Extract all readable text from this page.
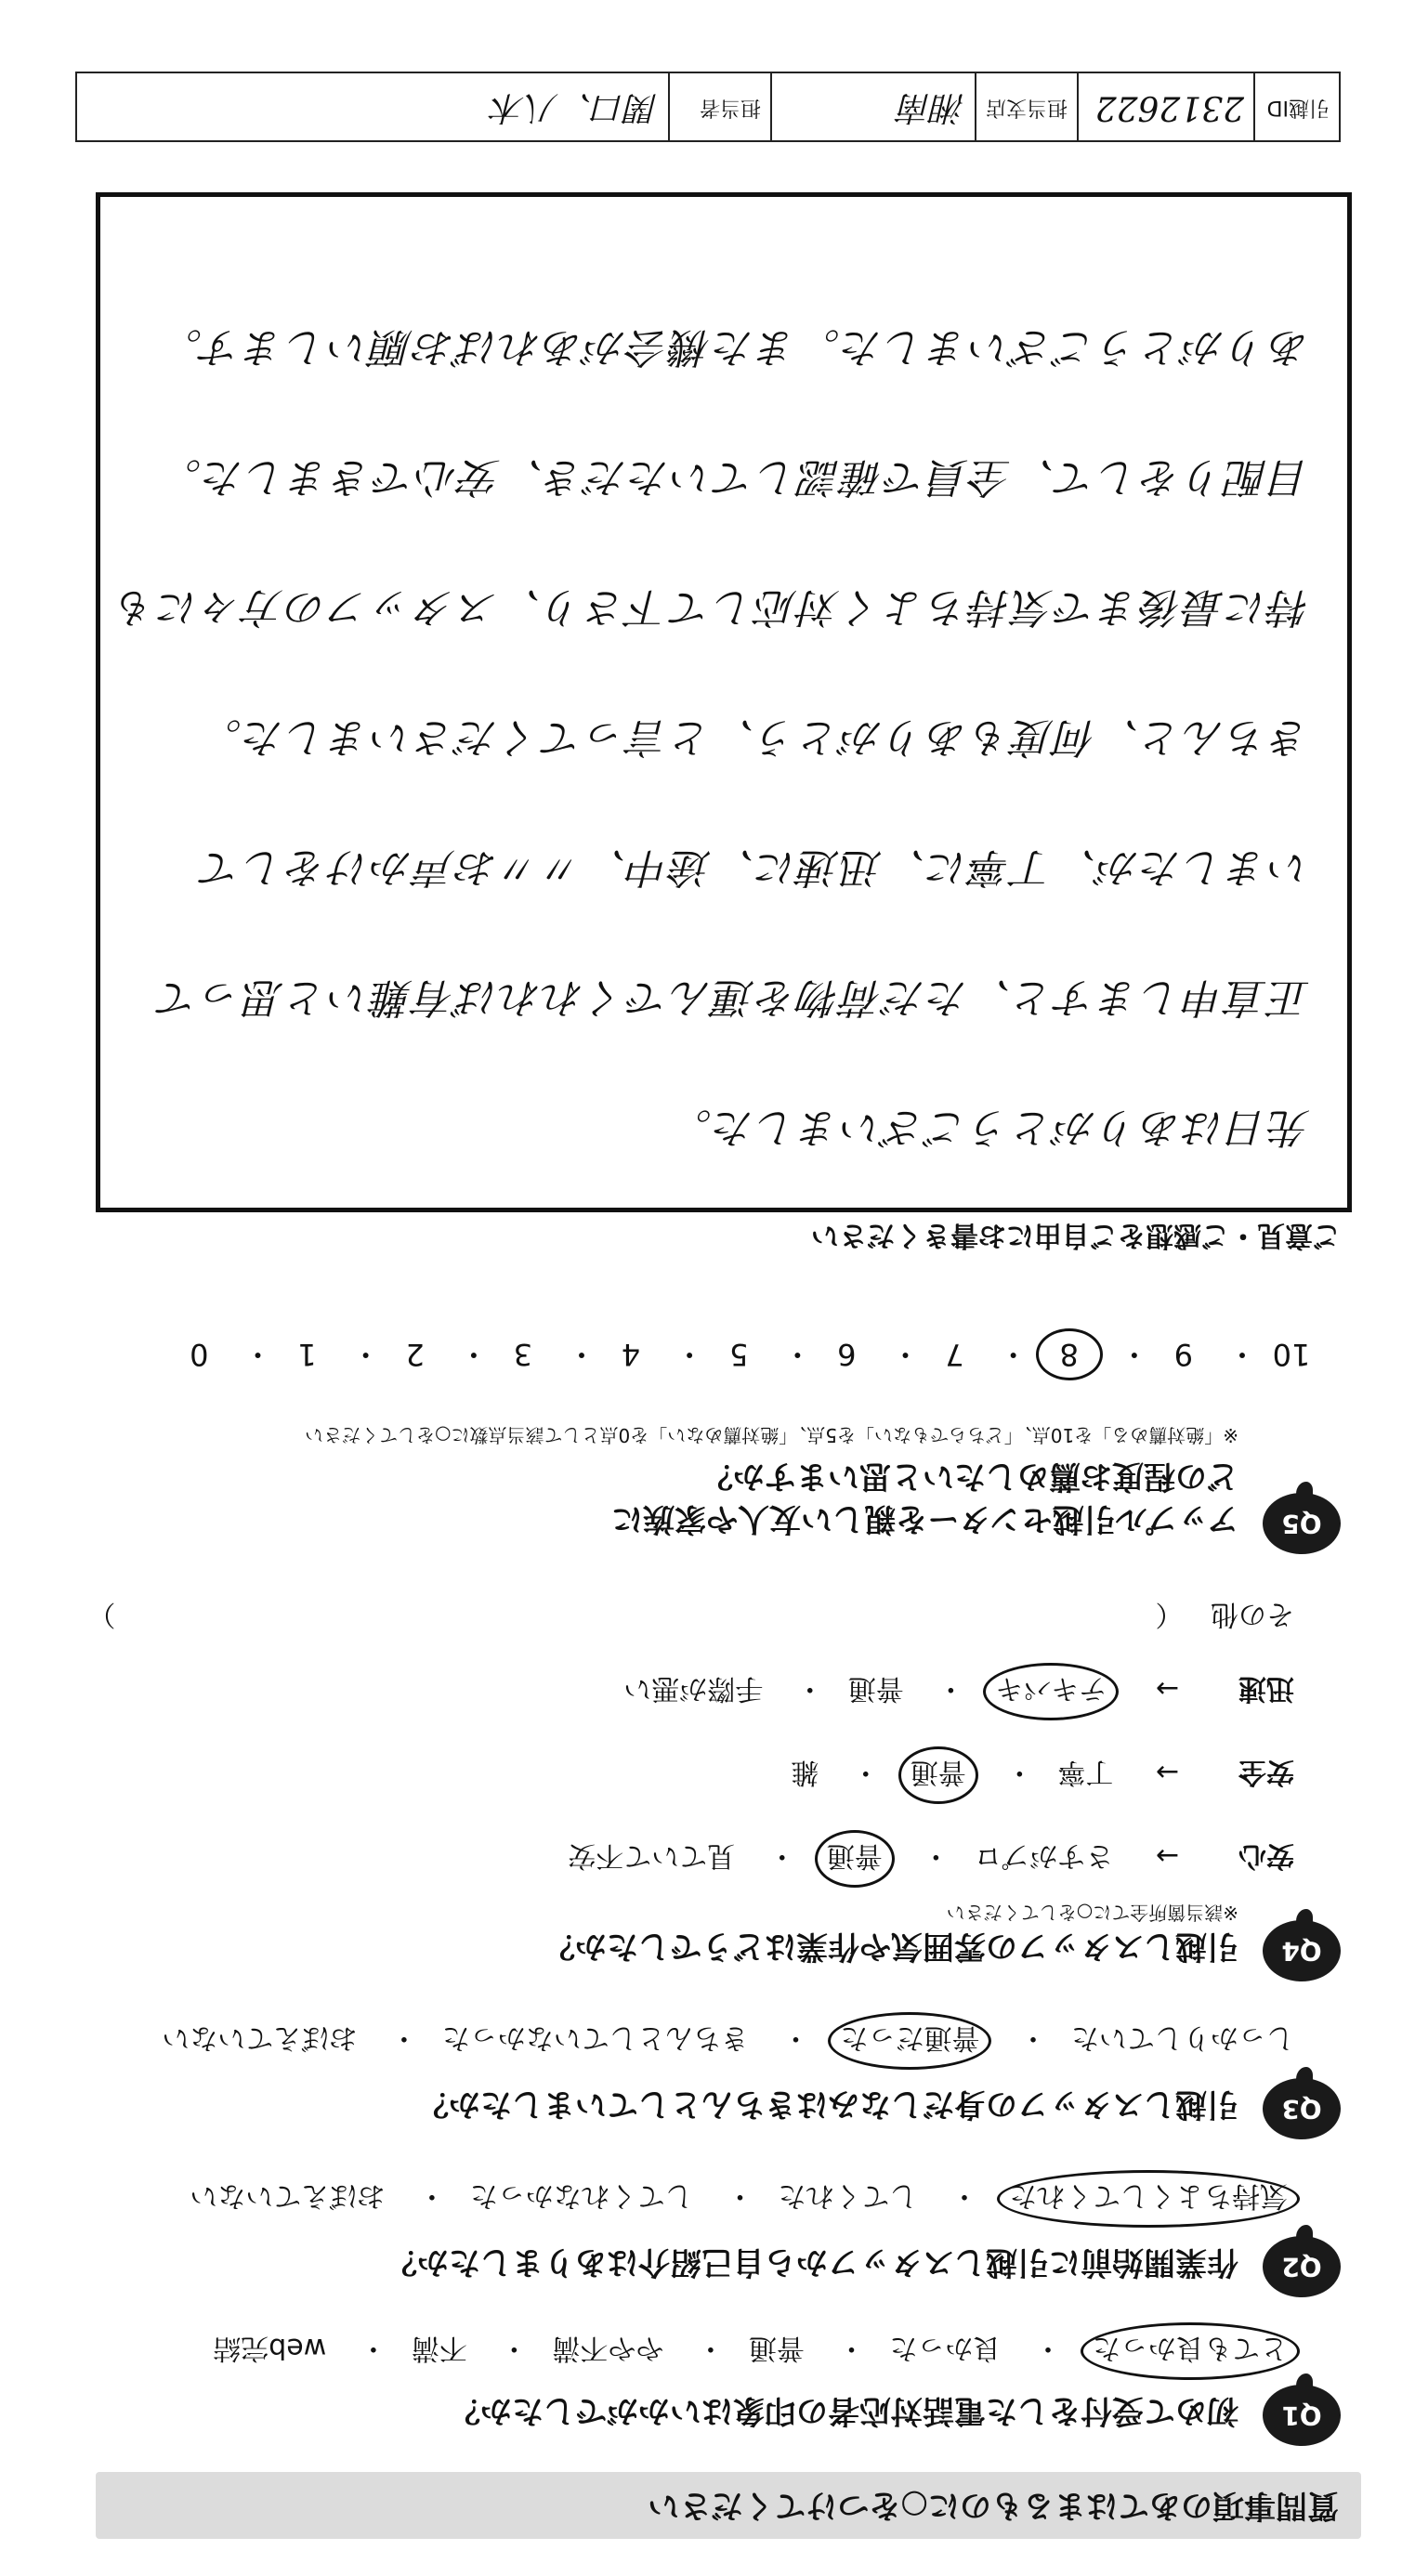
質問事項のあてはまるものに○をつけてください
Q1
初めて受付をした電話対応者の印象はいかがでしたか？
とても良かった・ 良かった・ 普通・ やや不満・ 不満・ web完結
Q2
作業開始前に引越しスタッフから自己紹介はありましたか？
気持ちよくしてくれた・ してくれた・ してくれなかった・ おぼえていない
Q3
引越しスタッフの身だしなみはきちんとしていましたか？
しっかりしていた・ 普通だった・ きちんとしていなかった・ おぼえていない
Q4
引越しスタッフの雰囲気や作業はどうでしたか？
※該当箇所全てに○をしてください
安心→ さすがプロ・ 普通・ 見ていて不安
安全→ 丁寧・ 普通・ 雑
迅速→ テキパキ・ 普通・ 手際が悪い
その他 （  ）
Q5
アップル引越センターを親しい友人や家族に
どの程度お薦めしたいと思いますか？
※「絶対薦める」を10点、「どちらでもない」を5点、「絶対薦めない」を0点として該当点数に○をしてください
10・ 9・ 8・ 7・ 6・ 5・ 4・ 3・ 2・ 1・ 0
ご意見・ご感想をご自由にお書きください
先日はありがとうございました。
正直申しますと、ただ荷物を運んでくれれば有難いと思って
いましたが、丁寧に、迅速に、途中、〃〃お声かけをして
きちんと、何度もありがとう、と言ってくださいました。
特に最後まで気持ちよく対応して下さり、スタッフの方々にも
目配りをして、全員で確認していただき、安心できました。
ありがとうございました。また機会があればお願いします。
引越ID
2312622
担当支店
湘南
担当者
関口、八木
